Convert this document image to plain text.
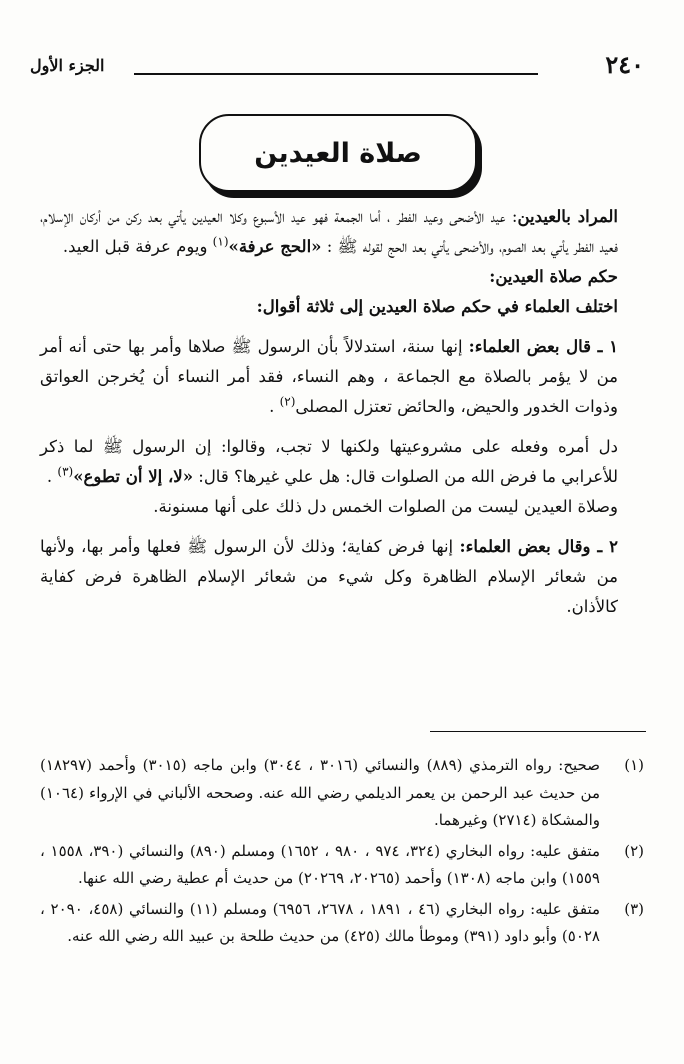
الجزء الأول	٢٤٠
صلاة العيدين

المراد بالعيدين: عيد الأضحى وعيد الفطر ، أما الجمعة فهو عيد الأسبوع وكلا العيدين يأتي بعد ركن من أركان الإسلام، فعيد الفطر يأتي بعد الصوم، والأضحى يأتي بعد الحج لقوله ﷺ : «الحج عرفة»$^{(١)}$ ويوم عرفة قبل العيد.

حكم صلاة العيدين:

اختلف العلماء في حكم صلاة العيدين إلى ثلاثة أقوال:

١ ـ قال بعض العلماء: إنها سنة، استدلالاً بأن الرسول ﷺ صلاها وأمر بها حتى أنه أمر من لا يؤمر بالصلاة مع الجماعة ، وهم النساء، فقد أمر النساء أن يُخرجن العواتق وذوات الخدور والحيض، والحائض تعتزل المصلى$^{(٢)}$ .

دل أمره وفعله على مشروعيتها ولكنها لا تجب، وقالوا: إن الرسول ﷺ لما ذكر للأعرابي ما فرض الله من الصلوات قال: هل علي غيرها؟ قال: «لا، إلا أن تطوع»$^{(٣)}$ .

وصلاة العيدين ليست من الصلوات الخمس دل ذلك على أنها مسنونة.

٢ ـ وقال بعض العلماء: إنها فرض كفاية؛ وذلك لأن الرسول ﷺ فعلها وأمر بها، ولأنها من شعائر الإسلام الظاهرة وكل شيء من شعائر الإسلام الظاهرة فرض كفاية كالأذان.

(١)
صحيح: رواه الترمذي (٨٨٩) والنسائي (٣٠١٦ ، ٣٠٤٤) وابن ماجه (٣٠١٥) وأحمد (١٨٢٩٧) من حديث عبد الرحمن بن يعمر الديلمي رضي الله عنه. وصححه الألباني في الإرواء (١٠٦٤) والمشكاة (٢٧١٤) وغيرهما.
(٢)
متفق عليه: رواه البخاري (٣٢٤، ٩٧٤ ، ٩٨٠ ، ١٦٥٢) ومسلم (٨٩٠) والنسائي (٣٩٠، ١٥٥٨ ، ١٥٥٩) وابن ماجه (١٣٠٨) وأحمد (٢٠٢٦٥، ٢٠٢٦٩) من حديث أم عطية رضي الله عنها.
(٣)
متفق عليه: رواه البخاري (٤٦ ، ١٨٩١ ، ٢٦٧٨، ٦٩٥٦) ومسلم (١١) والنسائي (٤٥٨، ٢٠٩٠ ، ٥٠٢٨) وأبو داود (٣٩١) وموطأ مالك (٤٢٥) من حديث طلحة بن عبيد الله رضي الله عنه.
